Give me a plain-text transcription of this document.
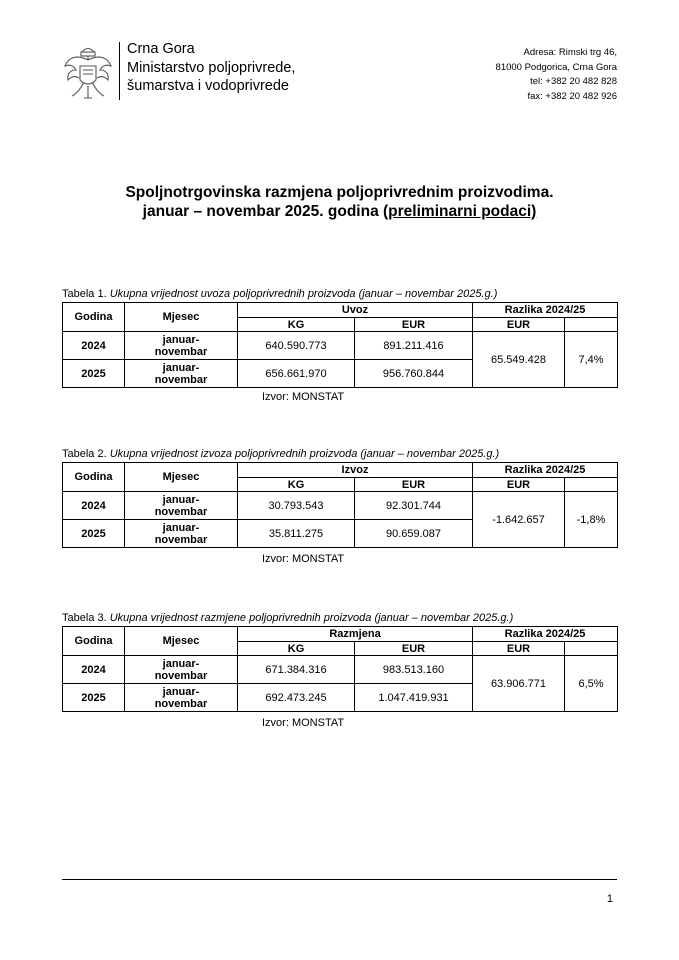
Crna Gora
Ministarstvo poljoprivrede,
šumarstva i vodoprivrede
Adresa: Rimski trg 46,
81000 Podgorica, Crna Gora
tel: +382 20 482 828
fax: +382 20 482 926
Spoljnotrgovinska razmjena poljoprivrednim proizvodima.
januar – novembar 2025. godina (preliminarni podaci)
Tabela 1. Ukupna vrijednost uvoza poljoprivrednih proizvoda (januar – novembar 2025.g.)
Godina	Mjesec	Uvoz		Razlika 2024/25	
		KG	EUR	EUR	
2024	januar-
novembar	640.590.773	891.211.416	65.549.428	7,4%
2025	januar-
novembar	656.661.970	956.760.844		
Izvor: MONSTAT
Tabela 2. Ukupna vrijednost izvoza poljoprivrednih proizvoda (januar – novembar 2025.g.)
Godina	Mjesec	Izvoz		Razlika 2024/25	
		KG	EUR	EUR	
2024	januar-
novembar	30.793.543	92.301.744	-1.642.657	-1,8%
2025	januar-
novembar	35.811.275	90.659.087		
Izvor: MONSTAT
Tabela 3. Ukupna vrijednost razmjene poljoprivrednih proizvoda (januar – novembar 2025.g.)
Godina	Mjesec	Razmjena		Razlika 2024/25	
		KG	EUR	EUR	
2024	januar-
novembar	671.384.316	983.513.160	63.906.771	6,5%
2025	januar-
novembar	692.473.245	1.047.419.931		
Izvor: MONSTAT
1
